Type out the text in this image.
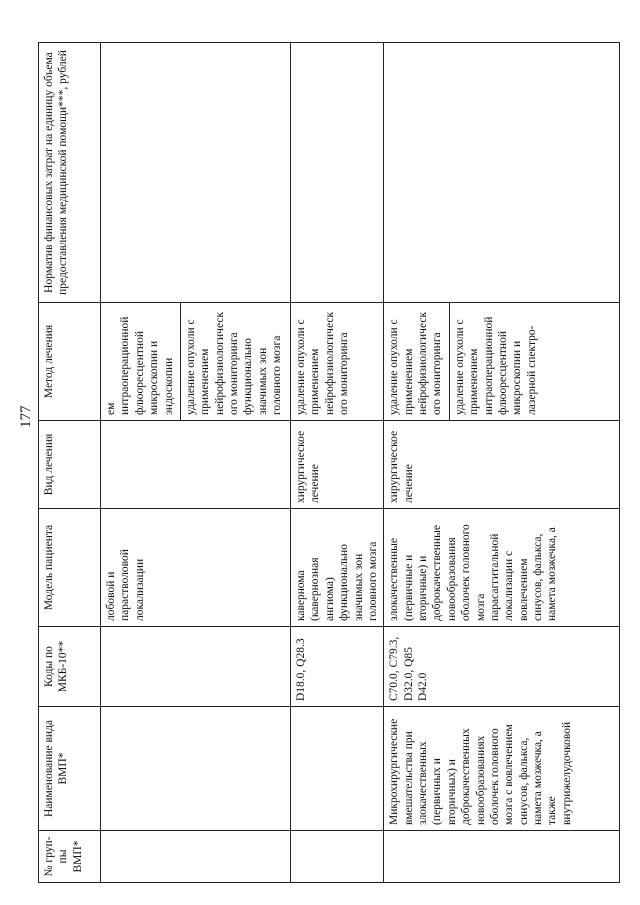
177
№ груп-пы ВМП*	Наименование вида ВМП*	Коды по МКБ-10**	Модель пациента	Вид лечения	Метод лечения	Норматив финансовых затрат на единицу объема предоставления медицинской помощи***, рублей
			лобовой и парастволовой локализации		ем интраоперационной флюоресцентной микроскопии и эндоскопии удаление опухоли с применением нейрофизиологического мониторинга функционально значимых зон головного мозга	

		D18.0, Q28.3	кавернома (кавернозная ангиома) функционально значимых зон головного мозга	хирургическое лечение	удаление опухоли с применением нейрофизиологического мониторинга	
	Микрохирургические вмешательства при злокачественных (первичных и вторичных) и доброкачественных новообразованиях оболочек головного мозга с вовлечением синусов, фалькса, намета мозжечка, а также внутрижелудочковой	C70.0, C79.3, D32.0, Q85 D42.0	злокачественные (первичные и вторичные) и доброкачественные новообразования оболочек головного мозга парасаггитальной локализации с вовлечением синусов, фалькса, намета мозжечка, а	хирургическое лечение	удаление опухоли с применением нейрофизиологического мониторинга удаление опухоли с применением интраоперационной флюоресцентной микроскопии и лазерной спектро-	
